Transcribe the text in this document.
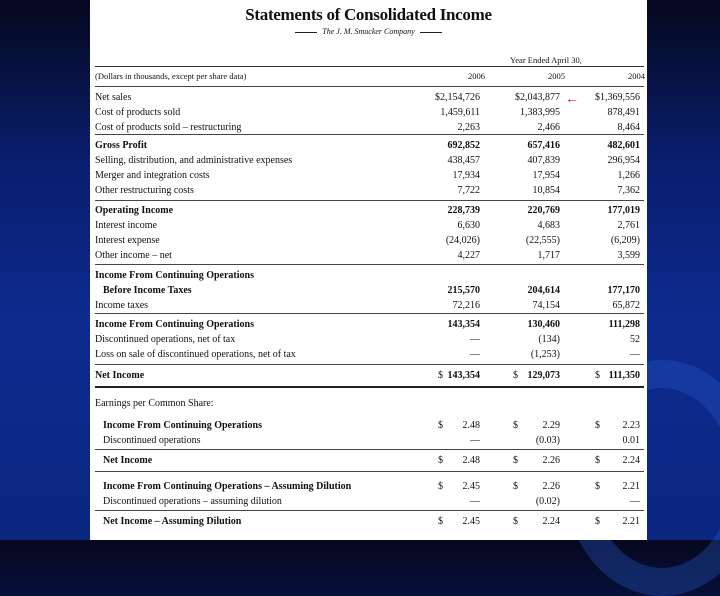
Statements of Consolidated Income
The J. M. Smucker Company
Year Ended April 30,
(Dollars in thousands, except per share data)	2006	2005	2004
←
Net sales	$2,154,726	$2,043,877	$1,369,556
Cost of products sold	1,459,611	1,383,995	878,491
Cost of products sold – restructuring	2,263	2,466	8,464
Gross Profit	692,852	657,416	482,601
Selling, distribution, and administrative expenses	438,457	407,839	296,954
Merger and integration costs	17,934	17,954	1,266
Other restructuring costs	7,722	10,854	7,362
Operating Income	228,739	220,769	177,019
Interest income	6,630	4,683	2,761
Interest expense	(24,026)	(22,555)	(6,209)
Other income – net	4,227	1,717	3,599
Income From Continuing Operations
Before Income Taxes	215,570	204,614	177,170
Income taxes	72,216	74,154	65,872
Income From Continuing Operations	143,354	130,460	111,298
Discontinued operations, net of tax	—	(134)	52
Loss on sale of discontinued operations, net of tax	—	(1,253)	—
Net Income	$ 143,354	$ 129,073	$ 111,350
Earnings per Common Share:
Income From Continuing Operations	$ 2.48	$ 2.29	$ 2.23
Discontinued operations	—	(0.03)	0.01
Net Income	$ 2.48	$ 2.26	$ 2.24
Income From Continuing Operations – Assuming Dilution	$ 2.45	$ 2.26	$ 2.21
Discontinued operations – assuming dilution	—	(0.02)	—
Net Income – Assuming Dilution	$ 2.45	$ 2.24	$ 2.21
